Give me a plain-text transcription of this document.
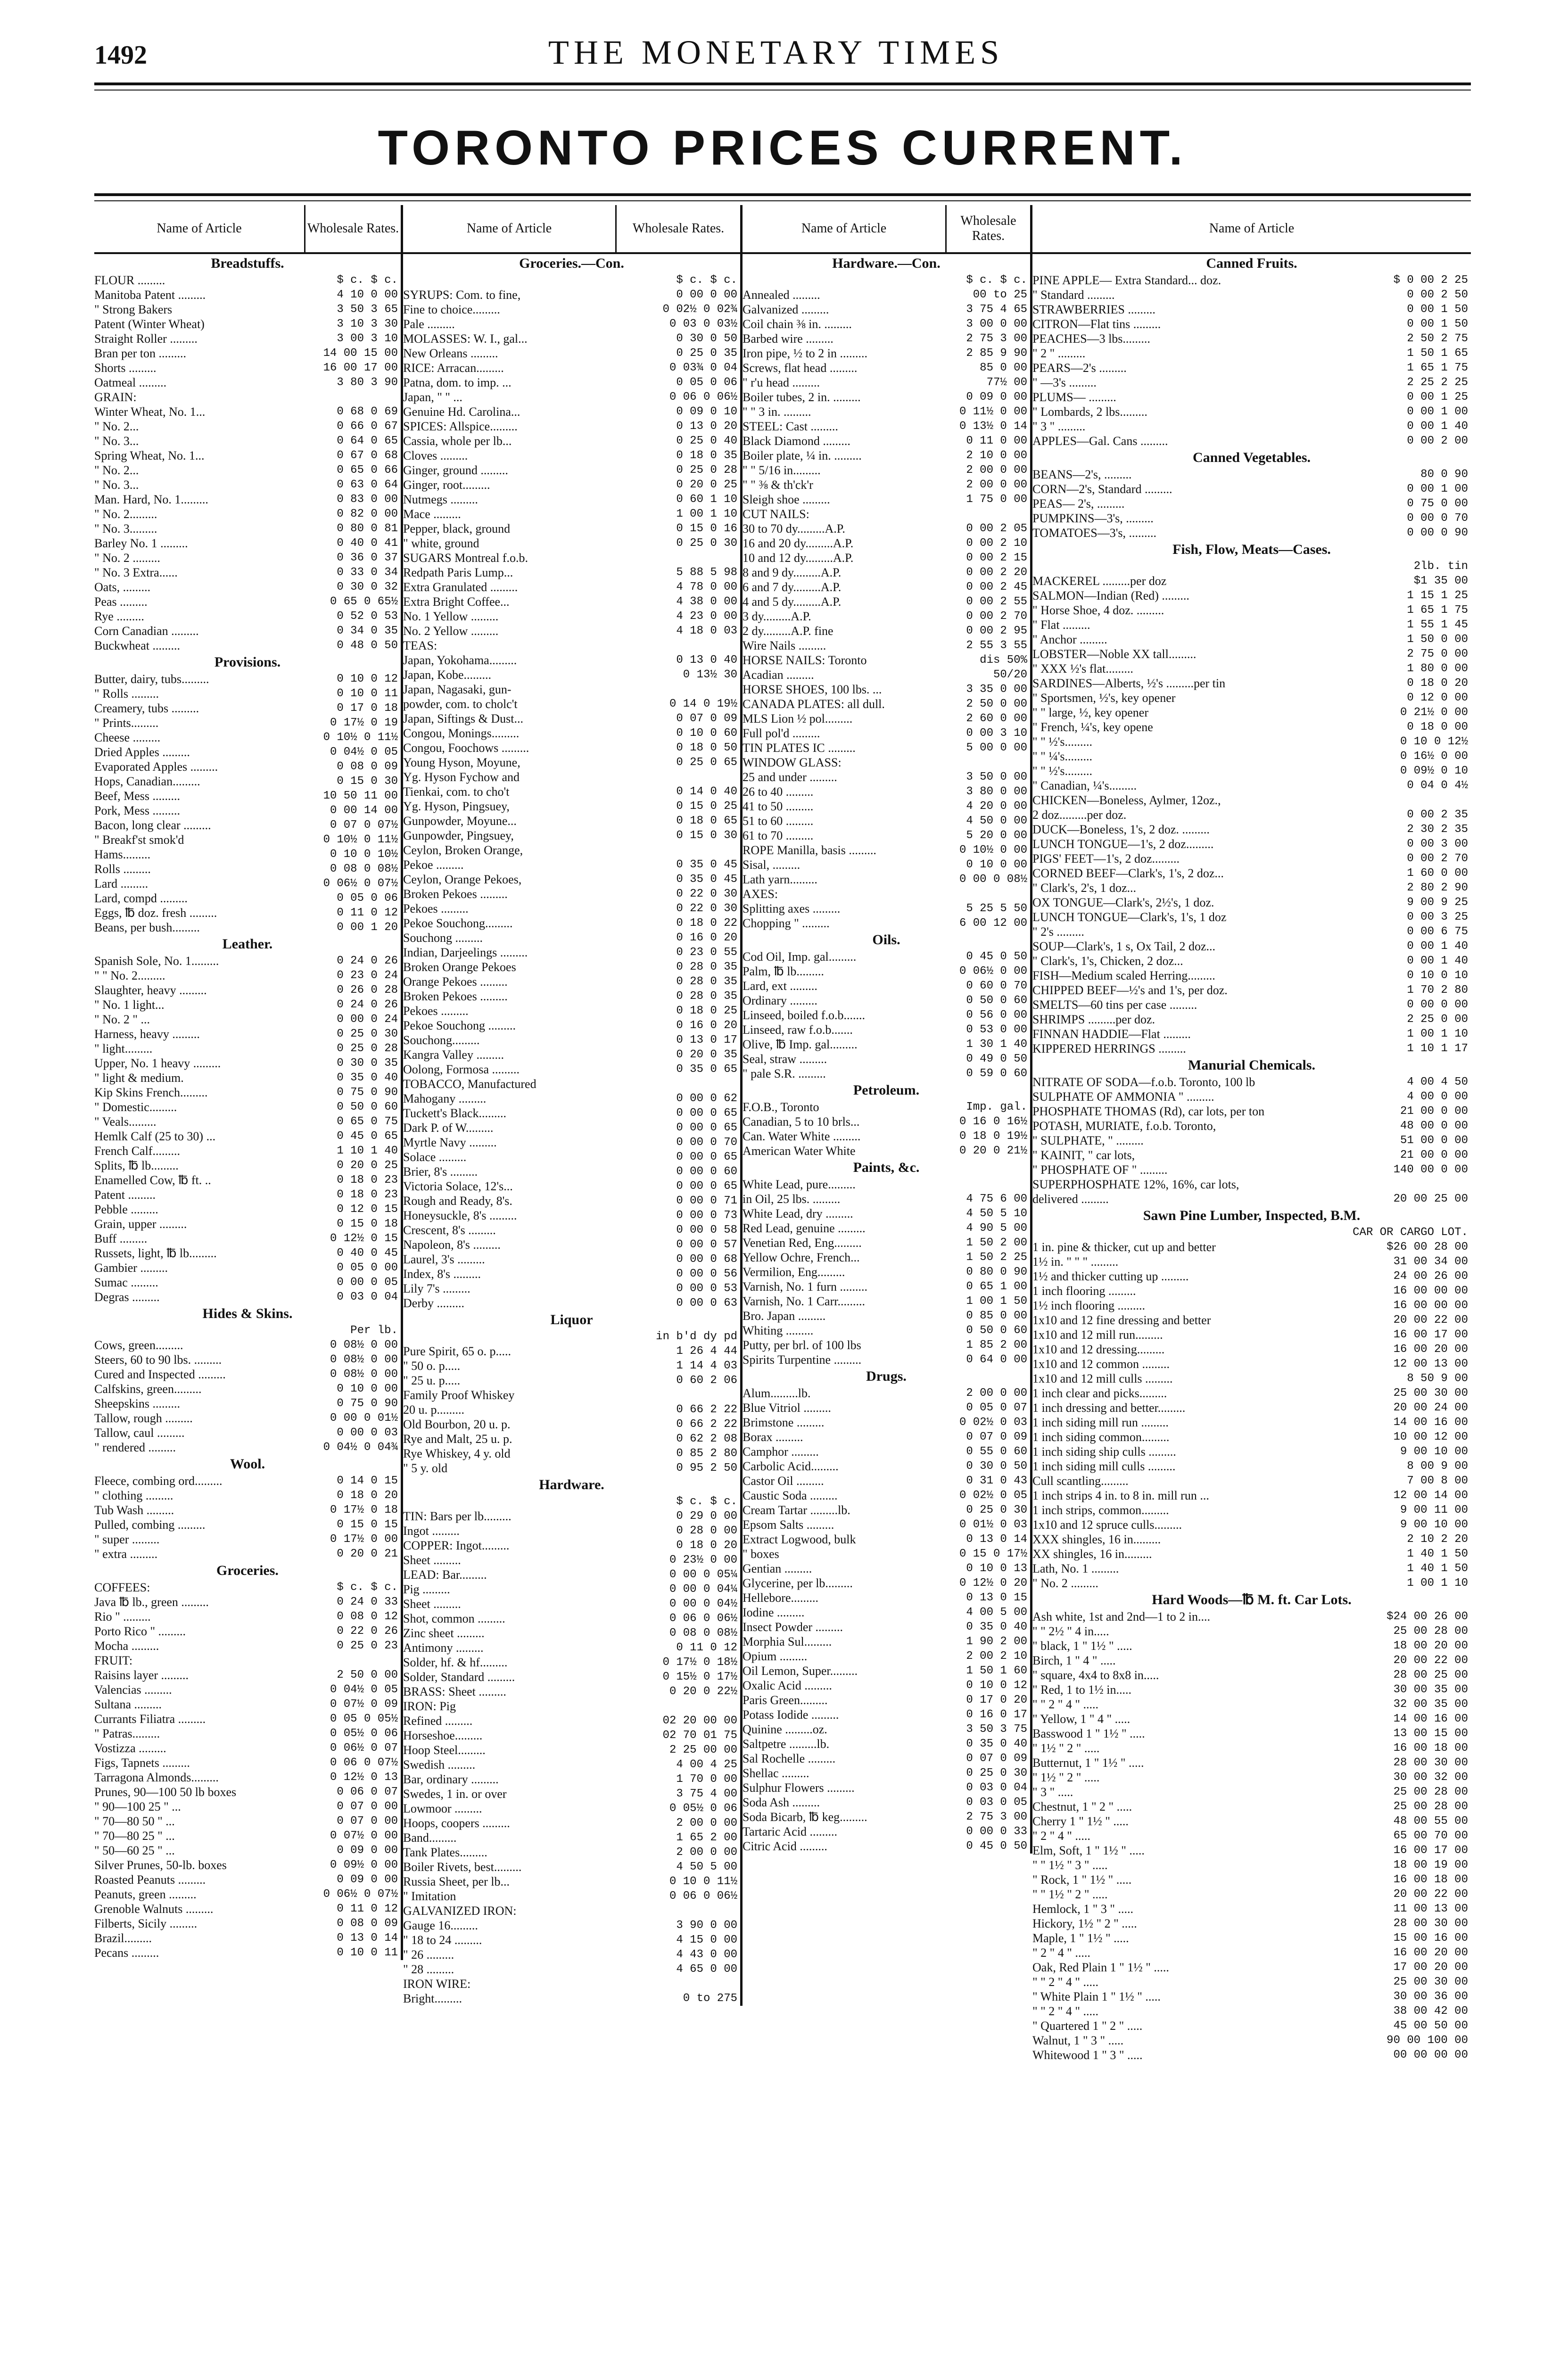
1492	THE MONETARY TIMES
TORONTO PRICES CURRENT.
Name of Article	Wholesale Rates.
Breadstuffs.
FLOUR .........	$ c. $ c.
Manitoba Patent .........	4 10 0 00
" Strong Bakers	3 50 3 65
Patent (Winter Wheat)	3 10 3 30
Straight Roller .........	3 00 3 10
Bran per ton .........	14 00 15 00
Shorts .........	16 00 17 00
Oatmeal .........	3 80 3 90
GRAIN:
Winter Wheat, No. 1...	0 68 0 69
" No. 2...	0 66 0 67
" No. 3...	0 64 0 65
Spring Wheat, No. 1...	0 67 0 68
" No. 2...	0 65 0 66
" No. 3...	0 63 0 64
Man. Hard, No. 1.........	0 83 0 00
" No. 2.........	0 82 0 00
" No. 3.........	0 80 0 81
Barley No. 1 .........	0 40 0 41
" No. 2 .........	0 36 0 37
" No. 3 Extra......	0 33 0 34
Oats, .........	0 30 0 32
Peas .........	0 65 0 65½
Rye .........	0 52 0 53
Corn Canadian .........	0 34 0 35
Buckwheat .........	0 48 0 50
Provisions.
Butter, dairy, tubs.........	0 10 0 12
" Rolls .........	0 10 0 11
Creamery, tubs .........	0 17 0 18
" Prints.........	0 17½ 0 19
Cheese .........	0 10½ 0 11½
Dried Apples .........	0 04½ 0 05
Evaporated Apples .........	0 08 0 09
Hops, Canadian.........	0 15 0 30
Beef, Mess .........	10 50 11 00
Pork, Mess .........	0 00 14 00
Bacon, long clear .........	0 07 0 07½
" Breakf'st smok'd	0 10½ 0 11½
Hams.........	0 10 0 10½
Rolls .........	0 08 0 08½
Lard .........	0 06½ 0 07½
Lard, compd .........	0 05 0 06
Eggs, ℔ doz. fresh .........	0 11 0 12
Beans, per bush.........	0 00 1 20
Leather.
Spanish Sole, No. 1.........	0 24 0 26
" " No. 2.........	0 23 0 24
Slaughter, heavy .........	0 26 0 28
" No. 1 light...	0 24 0 26
" No. 2 " ...	0 00 0 24
Harness, heavy .........	0 25 0 30
" light.........	0 25 0 28
Upper, No. 1 heavy .........	0 30 0 35
" light & medium.	0 35 0 40
Kip Skins French.........	0 75 0 90
" Domestic.........	0 50 0 60
" Veals.........	0 65 0 75
Hemlk Calf (25 to 30) ...	0 45 0 65
French Calf.........	1 10 1 40
Splits, ℔ lb.........	0 20 0 25
Enamelled Cow, ℔ ft. ..	0 18 0 23
Patent .........	0 18 0 23
Pebble .........	0 12 0 15
Grain, upper .........	0 15 0 18
Buff .........	0 12½ 0 15
Russets, light, ℔ lb.........	0 40 0 45
Gambier .........	0 05 0 00
Sumac .........	0 00 0 05
Degras .........	0 03 0 04
Hides & Skins.
Per lb.
Cows, green.........	0 08½ 0 00
Steers, 60 to 90 lbs. .........	0 08½ 0 00
Cured and Inspected .........	0 08½ 0 00
Calfskins, green.........	0 10 0 00
Sheepskins .........	0 75 0 90
Tallow, rough .........	0 00 0 01½
Tallow, caul .........	0 00 0 03
" rendered .........	0 04½ 0 04¾
Wool.
Fleece, combing ord.........	0 14 0 15
" clothing .........	0 18 0 20
Tub Wash .........	0 17½ 0 18
Pulled, combing .........	0 15 0 15
" super .........	0 17½ 0 00
" extra .........	0 20 0 21
Groceries.
COFFEES:	$ c. $ c.
Java ℔ lb., green .........	0 24 0 33
Rio " .........	0 08 0 12
Porto Rico " .........	0 22 0 26
Mocha .........	0 25 0 23
FRUIT:
Raisins layer .........	2 50 0 00
Valencias .........	0 04½ 0 05
Sultana .........	0 07½ 0 09
Currants Filiatra .........	0 05 0 05½
" Patras.........	0 05½ 0 06
Vostizza .........	0 06½ 0 07
Figs, Tapnets .........	0 06 0 07½
Tarragona Almonds.........	0 12½ 0 13
Prunes, 90—100 50 lb boxes	0 06 0 07
" 90—100 25 " ...	0 07 0 00
" 70—80 50 " ...	0 07 0 00
" 70—80 25 " ...	0 07½ 0 00
" 50—60 25 " ...	0 09 0 00
Silver Prunes, 50-lb. boxes	0 09½ 0 00
Roasted Peanuts .........	0 09 0 00
Peanuts, green .........	0 06½ 0 07½
Grenoble Walnuts .........	0 11 0 12
Filberts, Sicily .........	0 08 0 09
Brazil.........	0 13 0 14
Pecans .........	0 10 0 11
Name of Article	Wholesale Rates.
Groceries.—Con.
$ c. $ c.
SYRUPS: Com. to fine,	0 00 0 00
Fine to choice.........	0 02½ 0 02¾
Pale .........	0 03 0 03½
MOLASSES: W. I., gal...	0 30 0 50
New Orleans .........	0 25 0 35
RICE: Arracan.........	0 03¾ 0 04
Patna, dom. to imp. ...	0 05 0 06
Japan, " " ...	0 06 0 06½
Genuine Hd. Carolina...	0 09 0 10
SPICES: Allspice.........	0 13 0 20
Cassia, whole per lb...	0 25 0 40
Cloves .........	0 18 0 35
Ginger, ground .........	0 25 0 28
Ginger, root.........	0 20 0 25
Nutmegs .........	0 60 1 10
Mace .........	1 00 1 10
Pepper, black, ground	0 15 0 16
" white, ground	0 25 0 30
SUGARS Montreal f.o.b.
Redpath Paris Lump...	5 88 5 98
Extra Granulated .........	4 78 0 00
Extra Bright Coffee...	4 38 0 00
No. 1 Yellow .........	4 23 0 00
No. 2 Yellow .........	4 18 0 03
TEAS:
Japan, Yokohama.........	0 13 0 40
Japan, Kobe.........	0 13½ 30
Japan, Nagasaki, gun-
powder, com. to cholc't	0 14 0 19½
Japan, Siftings & Dust...	0 07 0 09
Congou, Monings.........	0 10 0 60
Congou, Foochows .........	0 18 0 50
Young Hyson, Moyune,	0 25 0 65
Yg. Hyson Fychow and
Tienkai, com. to cho't	0 14 0 40
Yg. Hyson, Pingsuey,	0 15 0 25
Gunpowder, Moyune...	0 18 0 65
Gunpowder, Pingsuey,	0 15 0 30
Ceylon, Broken Orange,
Pekoe .........	0 35 0 45
Ceylon, Orange Pekoes,	0 35 0 45
Broken Pekoes .........	0 22 0 30
Pekoes .........	0 22 0 30
Pekoe Souchong.........	0 18 0 22
Souchong .........	0 16 0 20
Indian, Darjeelings .........	0 23 0 55
Broken Orange Pekoes	0 28 0 35
Orange Pekoes .........	0 28 0 35
Broken Pekoes .........	0 28 0 35
Pekoes .........	0 18 0 25
Pekoe Souchong .........	0 16 0 20
Souchong.........	0 13 0 17
Kangra Valley .........	0 20 0 35
Oolong, Formosa .........	0 35 0 65
TOBACCO, Manufactured
Mahogany .........	0 00 0 62
Tuckett's Black.........	0 00 0 65
Dark P. of W.........	0 00 0 65
Myrtle Navy .........	0 00 0 70
Solace .........	0 00 0 65
Brier, 8's .........	0 00 0 60
Victoria Solace, 12's...	0 00 0 65
Rough and Ready, 8's.	0 00 0 71
Honeysuckle, 8's .........	0 00 0 73
Crescent, 8's .........	0 00 0 58
Napoleon, 8's .........	0 00 0 57
Laurel, 3's .........	0 00 0 68
Index, 8's .........	0 00 0 56
Lily 7's .........	0 00 0 53
Derby .........	0 00 0 63
Liquor
in b'd dy pd
Pure Spirit, 65 o. p.....	1 26 4 44
" 50 o. p.....	1 14 4 03
" 25 u. p.....	0 60 2 06
Family Proof Whiskey
20 u. p.........	0 66 2 22
Old Bourbon, 20 u. p.	0 66 2 22
Rye and Malt, 25 u. p.	0 62 2 08
Rye Whiskey, 4 y. old	0 85 2 80
" 5 y. old	0 95 2 50
Hardware.
$ c. $ c.
TIN: Bars per lb.........	0 29 0 00
Ingot .........	0 28 0 00
COPPER: Ingot.........	0 18 0 20
Sheet .........	0 23½ 0 00
LEAD: Bar.........	0 00 0 05¼
Pig .........	0 00 0 04¼
Sheet .........	0 00 0 04½
Shot, common .........	0 06 0 06½
Zinc sheet .........	0 08 0 08½
Antimony .........	0 11 0 12
Solder, hf. & hf.........	0 17½ 0 18½
Solder, Standard .........	0 15½ 0 17½
BRASS: Sheet .........	0 20 0 22½
IRON: Pig
Refined .........	02 20 00 00
Horseshoe.........	02 70 01 75
Hoop Steel.........	2 25 00 00
Swedish .........	4 00 4 25
Bar, ordinary .........	1 70 0 00
Swedes, 1 in. or over	3 75 4 00
Lowmoor .........	0 05½ 0 06
Hoops, coopers .........	2 00 0 00
Band.........	1 65 2 00
Tank Plates.........	2 00 0 00
Boiler Rivets, best.........	4 50 5 00
Russia Sheet, per lb...	0 10 0 11½
" Imitation	0 06 0 06½
GALVANIZED IRON:
Gauge 16.........	3 90 0 00
" 18 to 24 .........	4 15 0 00
" 26 .........	4 43 0 00
" 28 .........	4 65 0 00
IRON WIRE:
Bright.........	0 to 275
Name of Article
Wholesale Rates.
Hardware.—Con.
$ c. $ c.
Annealed .........	00 to 25
Galvanized .........	3 75 4 65
Coil chain ⅜ in. .........	3 00 0 00
Barbed wire .........	2 75 3 00
Iron pipe, ½ to 2 in .........	2 85 9 90
Screws, flat head .........	85 0 00
" r'u head .........	77½ 00
Boiler tubes, 2 in. .........	0 09 0 00
" " 3 in. .........	0 11½ 0 00
STEEL: Cast .........	0 13½ 0 14
Black Diamond .........	0 11 0 00
Boiler plate, ¼ in. .........	2 10 0 00
" " 5/16 in.........	2 00 0 00
" " ⅜ & th'ck'r	2 00 0 00
Sleigh shoe .........	1 75 0 00
CUT NAILS:
30 to 70 dy.........A.P.	0 00 2 05
16 and 20 dy.........A.P.	0 00 2 10
10 and 12 dy.........A.P.	0 00 2 15
8 and 9 dy.........A.P.	0 00 2 20
6 and 7 dy.........A.P.	0 00 2 45
4 and 5 dy.........A.P.	0 00 2 55
3 dy.........A.P.	0 00 2 70
2 dy.........A.P. fine	0 00 2 95
Wire Nails .........	2 55 3 55
HORSE NAILS: Toronto	dis 50%
Acadian .........	50/20
HORSE SHOES, 100 lbs. ...	3 35 0 00
CANADA PLATES: all dull.	2 50 0 00
MLS Lion ½ pol.........	2 60 0 00
Full pol'd .........	0 00 3 10
TIN PLATES IC .........	5 00 0 00
WINDOW GLASS:
25 and under .........	3 50 0 00
26 to 40 .........	3 80 0 00
41 to 50 .........	4 20 0 00
51 to 60 .........	4 50 0 00
61 to 70 .........	5 20 0 00
ROPE Manilla, basis .........	0 10½ 0 00
Sisal, .........	0 10 0 00
Lath yarn.........	0 00 0 08½
AXES:
Splitting axes .........	5 25 5 50
Chopping " .........	6 00 12 00
Oils.
Cod Oil, Imp. gal.........	0 45 0 50
Palm, ℔ lb.........	0 06½ 0 00
Lard, ext .........	0 60 0 70
Ordinary .........	0 50 0 60
Linseed, boiled f.o.b.......	0 56 0 00
Linseed, raw f.o.b.......	0 53 0 00
Olive, ℔ Imp. gal.........	1 30 1 40
Seal, straw .........	0 49 0 50
" pale S.R. .........	0 59 0 60
Petroleum.
F.O.B., Toronto	Imp. gal.
Canadian, 5 to 10 brls...	0 16 0 16½
Can. Water White .........	0 18 0 19½
American Water White	0 20 0 21½
Paints, &c.
White Lead, pure.........
in Oil, 25 lbs. .........	4 75 6 00
White Lead, dry .........	4 50 5 10
Red Lead, genuine .........	4 90 5 00
Venetian Red, Eng.........	1 50 2 00
Yellow Ochre, French...	1 50 2 25
Vermilion, Eng.........	0 80 0 90
Varnish, No. 1 furn .........	0 65 1 00
Varnish, No. 1 Carr.........	1 00 1 50
Bro. Japan .........	0 85 0 00
Whiting .........	0 50 0 60
Putty, per brl. of 100 lbs	1 85 2 00
Spirits Turpentine .........	0 64 0 00
Drugs.
Alum.........lb.	2 00 0 00
Blue Vitriol .........	0 05 0 07
Brimstone .........	0 02½ 0 03
Borax .........	0 07 0 09
Camphor .........	0 55 0 60
Carbolic Acid.........	0 30 0 50
Castor Oil .........	0 31 0 43
Caustic Soda .........	0 02½ 0 05
Cream Tartar .........lb.	0 25 0 30
Epsom Salts .........	0 01½ 0 03
Extract Logwood, bulk	0 13 0 14
" boxes	0 15 0 17½
Gentian .........	0 10 0 13
Glycerine, per lb.........	0 12½ 0 20
Hellebore.........	0 13 0 15
Iodine .........	4 00 5 00
Insect Powder .........	0 35 0 40
Morphia Sul.........	1 90 2 00
Opium .........	2 00 2 10
Oil Lemon, Super.........	1 50 1 60
Oxalic Acid .........	0 10 0 12
Paris Green.........	0 17 0 20
Potass Iodide .........	0 16 0 17
Quinine .........oz.	3 50 3 75
Saltpetre .........lb.	0 35 0 40
Sal Rochelle .........	0 07 0 09
Shellac .........	0 25 0 30
Sulphur Flowers .........	0 03 0 04
Soda Ash .........	0 03 0 05
Soda Bicarb, ℔ keg.........	2 75 3 00
Tartaric Acid .........	0 00 0 33
Citric Acid .........	0 45 0 50
Name of Article
Canned Fruits.
PINE APPLE— Extra Standard... doz.	$ 0 00 2 25
" Standard .........	0 00 2 50
STRAWBERRIES .........	0 00 1 50
CITRON—Flat tins .........	0 00 1 50
PEACHES—3 lbs.........	2 50 2 75
" 2 " .........	1 50 1 65
PEARS—2's .........	1 65 1 75
" —3's .........	2 25 2 25
PLUMS— .........	0 00 1 25
" Lombards, 2 lbs.........	0 00 1 00
" 3 " .........	0 00 1 40
APPLES—Gal. Cans .........	0 00 2 00
Canned Vegetables.
BEANS—2's, .........	80 0 90
CORN—2's, Standard .........	0 00 1 00
PEAS— 2's, .........	0 75 0 00
PUMPKINS—3's, .........	0 00 0 70
TOMATOES—3's, .........	0 00 0 90
Fish, Flow, Meats—Cases.
2lb. tin
MACKEREL .........per doz	$1 35 00
SALMON—Indian (Red) .........	1 15 1 25
" Horse Shoe, 4 doz. .........	1 65 1 75
" Flat .........	1 55 1 45
" Anchor .........	1 50 0 00
LOBSTER—Noble XX tall.........	2 75 0 00
" XXX ½'s flat.........	1 80 0 00
SARDINES—Alberts, ½'s .........per tin	0 18 0 20
" Sportsmen, ½'s, key opener	0 12 0 00
" " large, ½, key opener	0 21½ 0 00
" French, ¼'s, key opene	0 18 0 00
" " ½'s.........	0 10 0 12½
" " ¼'s.........	0 16½ 0 00
" " ½'s.........	0 09½ 0 10
" Canadian, ¼'s.........	0 04 0 4½
CHICKEN—Boneless, Aylmer, 12oz.,
2 doz.........per doz.	0 00 2 35
DUCK—Boneless, 1's, 2 doz. .........	2 30 2 35
LUNCH TONGUE—1's, 2 doz.........	0 00 3 00
PIGS' FEET—1's, 2 doz.........	0 00 2 70
CORNED BEEF—Clark's, 1's, 2 doz...	1 60 0 00
" Clark's, 2's, 1 doz...	2 80 2 90
OX TONGUE—Clark's, 2½'s, 1 doz.	9 00 9 25
LUNCH TONGUE—Clark's, 1's, 1 doz	0 00 3 25
" 2's .........	0 00 6 75
SOUP—Clark's, 1 s, Ox Tail, 2 doz...	0 00 1 40
" Clark's, 1's, Chicken, 2 doz...	0 00 1 40
FISH—Medium scaled Herring.........	0 10 0 10
CHIPPED BEEF—½'s and 1's, per doz.	1 70 2 80
SMELTS—60 tins per case .........	0 00 0 00
SHRIMPS .........per doz.	2 25 0 00
FINNAN HADDIE—Flat .........	1 00 1 10
KIPPERED HERRINGS .........	1 10 1 17
Manurial Chemicals.
NITRATE OF SODA—f.o.b. Toronto, 100 lb	4 00 4 50
SULPHATE OF AMMONIA " .........	4 00 0 00
PHOSPHATE THOMAS (Rd), car lots, per ton	21 00 0 00
POTASH, MURIATE, f.o.b. Toronto,	48 00 0 00
" SULPHATE, " .........	51 00 0 00
" KAINIT, " car lots,	21 00 0 00
" PHOSPHATE OF " .........	140 00 0 00
SUPERPHOSPHATE 12%, 16%, car lots,
delivered .........	20 00 25 00
Sawn Pine Lumber, Inspected, B.M.
CAR OR CARGO LOT.
1 in. pine & thicker, cut up and better	$26 00 28 00
1½ in. " " " .........	31 00 34 00
1½ and thicker cutting up .........	24 00 26 00
1 inch flooring .........	16 00 00 00
1½ inch flooring .........	16 00 00 00
1x10 and 12 fine dressing and better	20 00 22 00
1x10 and 12 mill run.........	16 00 17 00
1x10 and 12 dressing.........	16 00 20 00
1x10 and 12 common .........	12 00 13 00
1x10 and 12 mill culls .........	8 50 9 00
1 inch clear and picks.........	25 00 30 00
1 inch dressing and better.........	20 00 24 00
1 inch siding mill run .........	14 00 16 00
1 inch siding common.........	10 00 12 00
1 inch siding ship culls .........	9 00 10 00
1 inch siding mill culls .........	8 00 9 00
Cull scantling.........	7 00 8 00
1 inch strips 4 in. to 8 in. mill run ...	12 00 14 00
1 inch strips, common.........	9 00 11 00
1x10 and 12 spruce culls.........	9 00 10 00
XXX shingles, 16 in.........	2 10 2 20
XX shingles, 16 in.........	1 40 1 50
Lath, No. 1 .........	1 40 1 50
" No. 2 .........	1 00 1 10
Hard Woods—℔ M. ft. Car Lots.
Ash white, 1st and 2nd—1 to 2 in....	$24 00 26 00
" " 2½ " 4 in.....	25 00 28 00
" black, 1 " 1½ " .....	18 00 20 00
Birch, 1 " 4 " .....	20 00 22 00
" square, 4x4 to 8x8 in.....	28 00 25 00
" Red, 1 to 1½ in.....	30 00 35 00
" " 2 " 4 " .....	32 00 35 00
" Yellow, 1 " 4 " .....	14 00 16 00
Basswood 1 " 1½ " .....	13 00 15 00
" 1½ " 2 " .....	16 00 18 00
Butternut, 1 " 1½ " .....	28 00 30 00
" 1½ " 2 " .....	30 00 32 00
" 3 " .....	25 00 28 00
Chestnut, 1 " 2 " .....	25 00 28 00
Cherry 1 " 1½ " .....	48 00 55 00
" 2 " 4 " .....	65 00 70 00
Elm, Soft, 1 " 1½ " .....	16 00 17 00
" " 1½ " 3 " .....	18 00 19 00
" Rock, 1 " 1½ " .....	16 00 18 00
" " 1½ " 2 " .....	20 00 22 00
Hemlock, 1 " 3 " .....	11 00 13 00
Hickory, 1½ " 2 " .....	28 00 30 00
Maple, 1 " 1½ " .....	15 00 16 00
" 2 " 4 " .....	16 00 20 00
Oak, Red Plain 1 " 1½ " .....	17 00 20 00
" " 2 " 4 " .....	25 00 30 00
" White Plain 1 " 1½ " .....	30 00 36 00
" " 2 " 4 " .....	38 00 42 00
" Quartered 1 " 2 " .....	45 00 50 00
Walnut, 1 " 3 " .....	90 00 100 00
Whitewood 1 " 3 " .....	00 00 00 00
